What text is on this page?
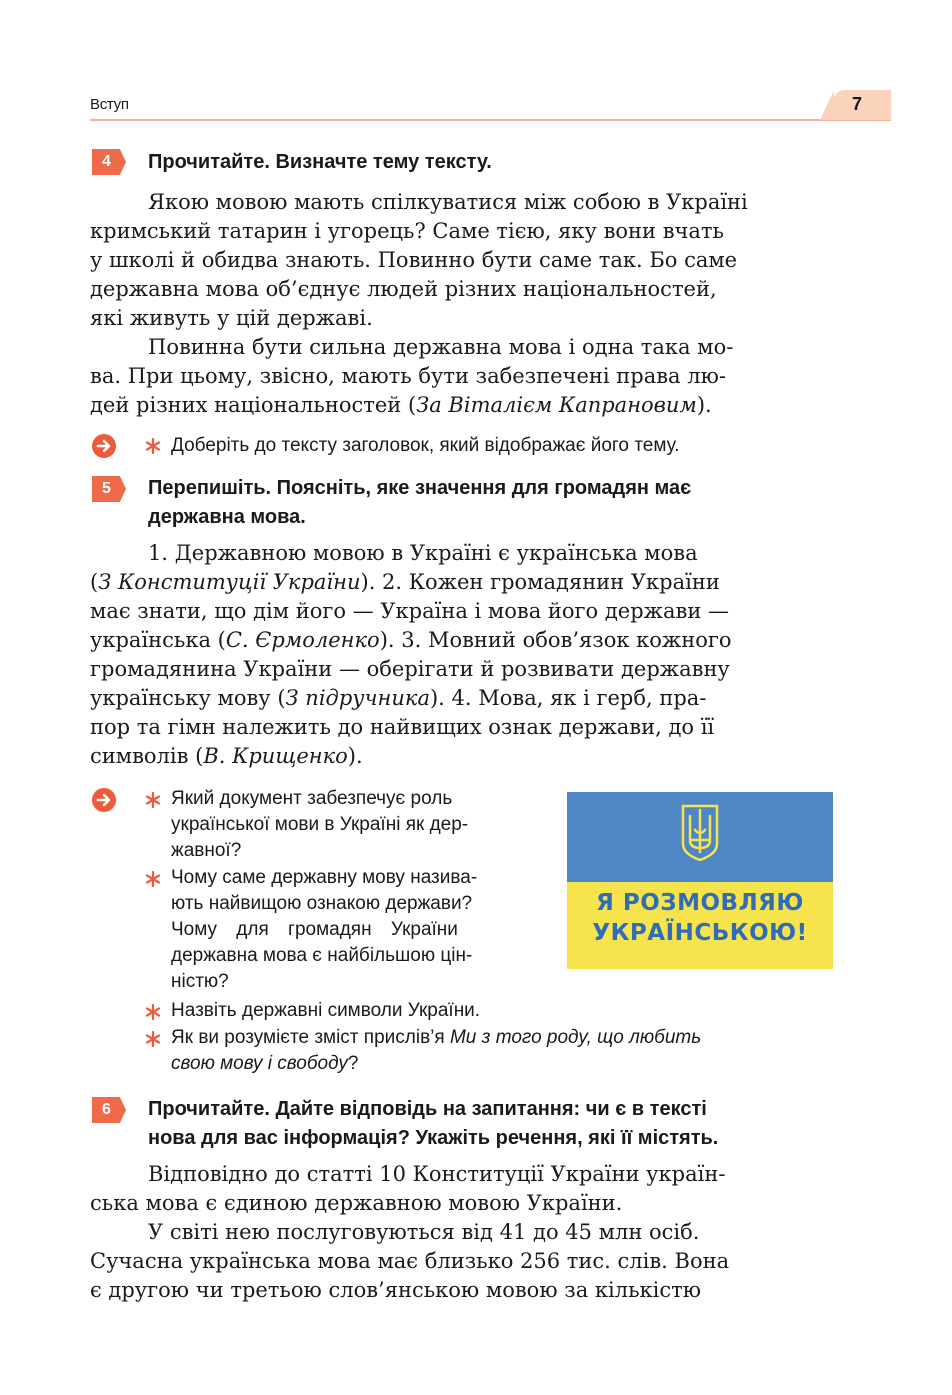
Вступ	7
4 Прочитайте. Визначте тему тексту.
Якою мовою мають спілкуватися між собою в Україні
кримський татарин і угорець? Саме тією, яку вони вчать
у школі й обидва знають. Повинно бути саме так. Бо саме
державна мова об’єднує людей різних національностей,
які живуть у цій державі.
Повинна бути сильна державна мова і одна така мо-
ва. При цьому, звісно, мають бути забезпечені права лю-
дей різних національностей (За Віталієм Капрановим).
Доберіть до тексту заголовок, який відображає його тему.
5 Перепишіть. Поясніть, яке значення для громадян має
державна мова.
1. Державною мовою в Україні є українська мова
(З Конституції України). 2. Кожен громадянин України
має знати, що дім його — Україна і мова його держави —
українська (С. Єрмоленко). 3. Мовний обов’язок кожного
громадянина України — оберігати й розвивати державну
українську мову (З підручника). 4. Мова, як і герб, пра-
пор та гімн належить до найвищих ознак держави, до її
символів (В. Крищенко).
Який документ забезпечує роль
української мови в Україні як дер-
жавної?
Чому саме державну мову назива-
ють найвищою ознакою держави?
Чому для громадян України
державна мова є найбільшою цін-
ністю?
Назвіть державні символи України.
Як ви розумієте зміст прислів’я Ми з того роду, що любить
свою мову і свободу?
Я РОЗМОВЛЯЮ
УКРАЇНСЬКОЮ!
6 Прочитайте. Дайте відповідь на запитання: чи є в тексті
нова для вас інформація? Укажіть речення, які її містять.
Відповідно до статті 10 Конституції України україн-
ська мова є єдиною державною мовою України.
У світі нею послуговуються від 41 до 45 млн осіб.
Сучасна українська мова має близько 256 тис. слів. Вона
є другою чи третьою слов’янською мовою за кількістю
